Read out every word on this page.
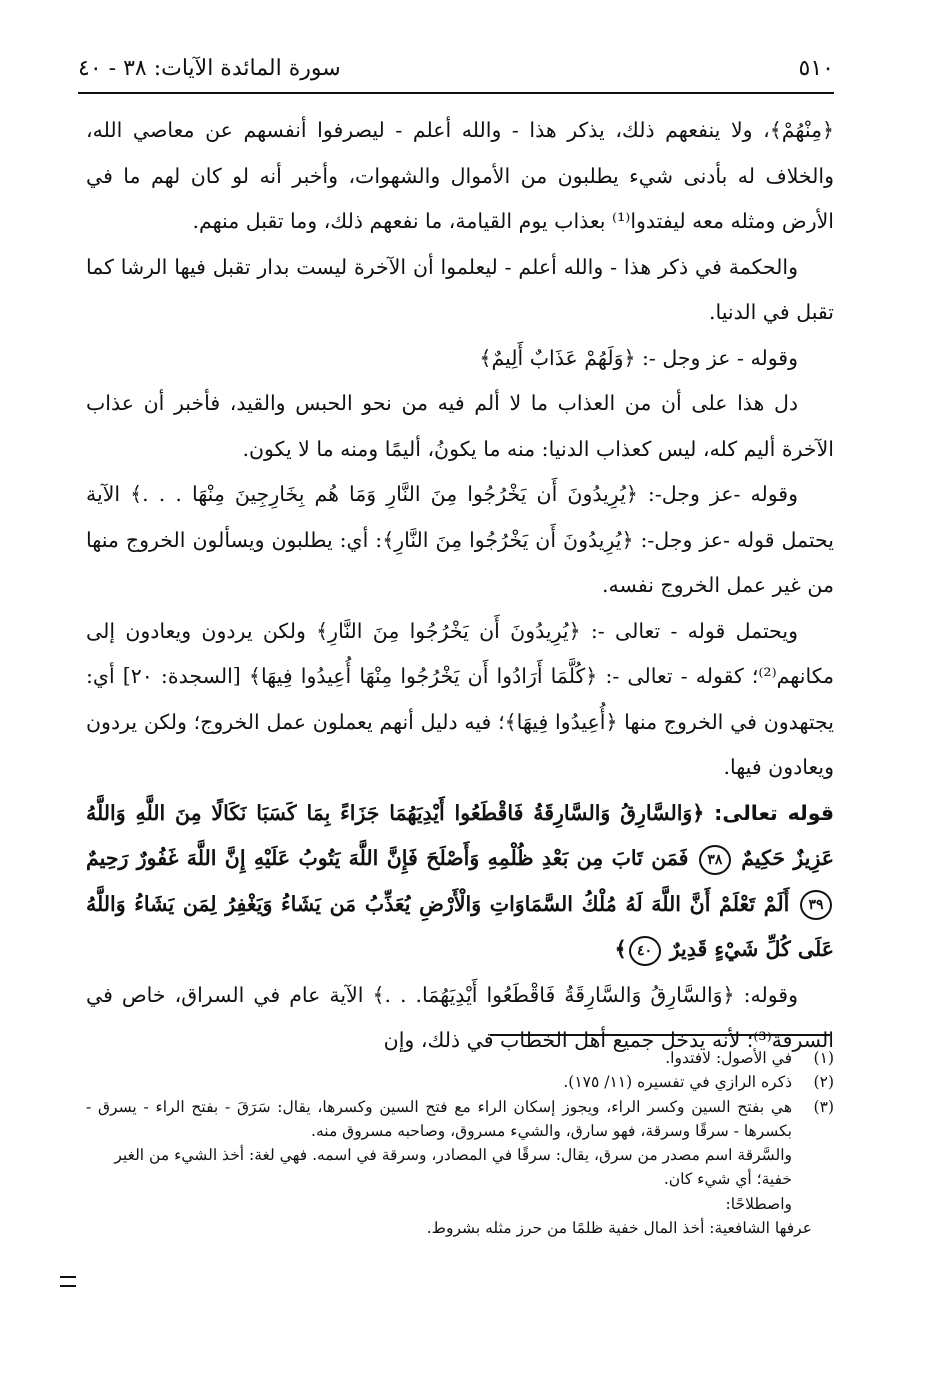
٥١٠
سورة المائدة الآيات: ٣٨ - ٤٠

﴿مِنْهُمْ﴾، ولا ينفعهم ذلك، يذكر هذا - والله أعلم - ليصرفوا أنفسهم عن معاصي الله، والخلاف له بأدنى شيء يطلبون من الأموال والشهوات، وأخبر أنه لو كان لهم ما في الأرض ومثله معه ليفتدوا⁽¹⁾ بعذاب يوم القيامة، ما نفعهم ذلك، وما تقبل منهم.

والحكمة في ذكر هذا - والله أعلم - ليعلموا أن الآخرة ليست بدار تقبل فيها الرشا كما تقبل في الدنيا.

وقوله - عز وجل -: ﴿وَلَهُمْ عَذَابٌ أَلِيمٌ﴾

دل هذا على أن من العذاب ما لا ألم فيه من نحو الحبس والقيد، فأخبر أن عذاب الآخرة أليم كله، ليس كعذاب الدنيا: منه ما يكونُ، أليمًا ومنه ما لا يكون.

وقوله -عز وجل-: ﴿يُرِيدُونَ أَن يَخْرُجُوا مِنَ النَّارِ وَمَا هُم بِخَارِجِينَ مِنْهَا . . .﴾ الآية يحتمل قوله -عز وجل-: ﴿يُرِيدُونَ أَن يَخْرُجُوا مِنَ النَّارِ﴾: أي: يطلبون ويسألون الخروج منها من غير عمل الخروج نفسه.

ويحتمل قوله - تعالى -: ﴿يُرِيدُونَ أَن يَخْرُجُوا مِنَ النَّارِ﴾ ولكن يردون ويعادون إلى مكانهم⁽²⁾؛ كقوله - تعالى -: ﴿كُلَّمَا أَرَادُوا أَن يَخْرُجُوا مِنْهَا أُعِيدُوا فِيهَا﴾ [السجدة: ٢٠] أي: يجتهدون في الخروج منها ﴿أُعِيدُوا فِيهَا﴾؛ فيه دليل أنهم يعملون عمل الخروج؛ ولكن يردون ويعادون فيها.

قوله تعالى: ﴿وَالسَّارِقُ وَالسَّارِقَةُ فَاقْطَعُوا أَيْدِيَهُمَا جَزَاءً بِمَا كَسَبَا نَكَالًا مِنَ اللَّهِ وَاللَّهُ عَزِيزٌ حَكِيمٌ ٣٨ فَمَن تَابَ مِن بَعْدِ ظُلْمِهِ وَأَصْلَحَ فَإِنَّ اللَّهَ يَتُوبُ عَلَيْهِ إِنَّ اللَّهَ غَفُورٌ رَحِيمٌ ٣٩ أَلَمْ تَعْلَمْ أَنَّ اللَّهَ لَهُ مُلْكُ السَّمَاوَاتِ وَالْأَرْضِ يُعَذِّبُ مَن يَشَاءُ وَيَغْفِرُ لِمَن يَشَاءُ وَاللَّهُ عَلَى كُلِّ شَيْءٍ قَدِيرٌ ٤٠﴾

وقوله: ﴿وَالسَّارِقُ وَالسَّارِقَةُ فَاقْطَعُوا أَيْدِيَهُمَا. . .﴾ الآية عام في السراق، خاص في السرقة⁽³⁾؛ لأنه يدخل جميع أهل الخطاب في ذلك، وإن

(١)
في الأصول: لافتدوا.
(٢)
ذكره الرازي في تفسيره (١١/ ١٧٥).
(٣)
هي بفتح السين وكسر الراء، ويجوز إسكان الراء مع فتح السين وكسرها، يقال: سَرَقَ - بفتح الراء - يسرق - بكسرها - سرقًا وسرقة، فهو سارق، والشيء مسروق، وصاحبه مسروق منه.
والسَّرقة اسم مصدر من سرق، يقال: سرقًا في المصادر، وسرقة في اسمه. فهي لغة: أخذ الشيء من الغير خفية؛ أي شيء كان.
واصطلاحًا:
عرفها الشافعية: أخذ المال خفية ظلمًا من حرز مثله بشروط.
